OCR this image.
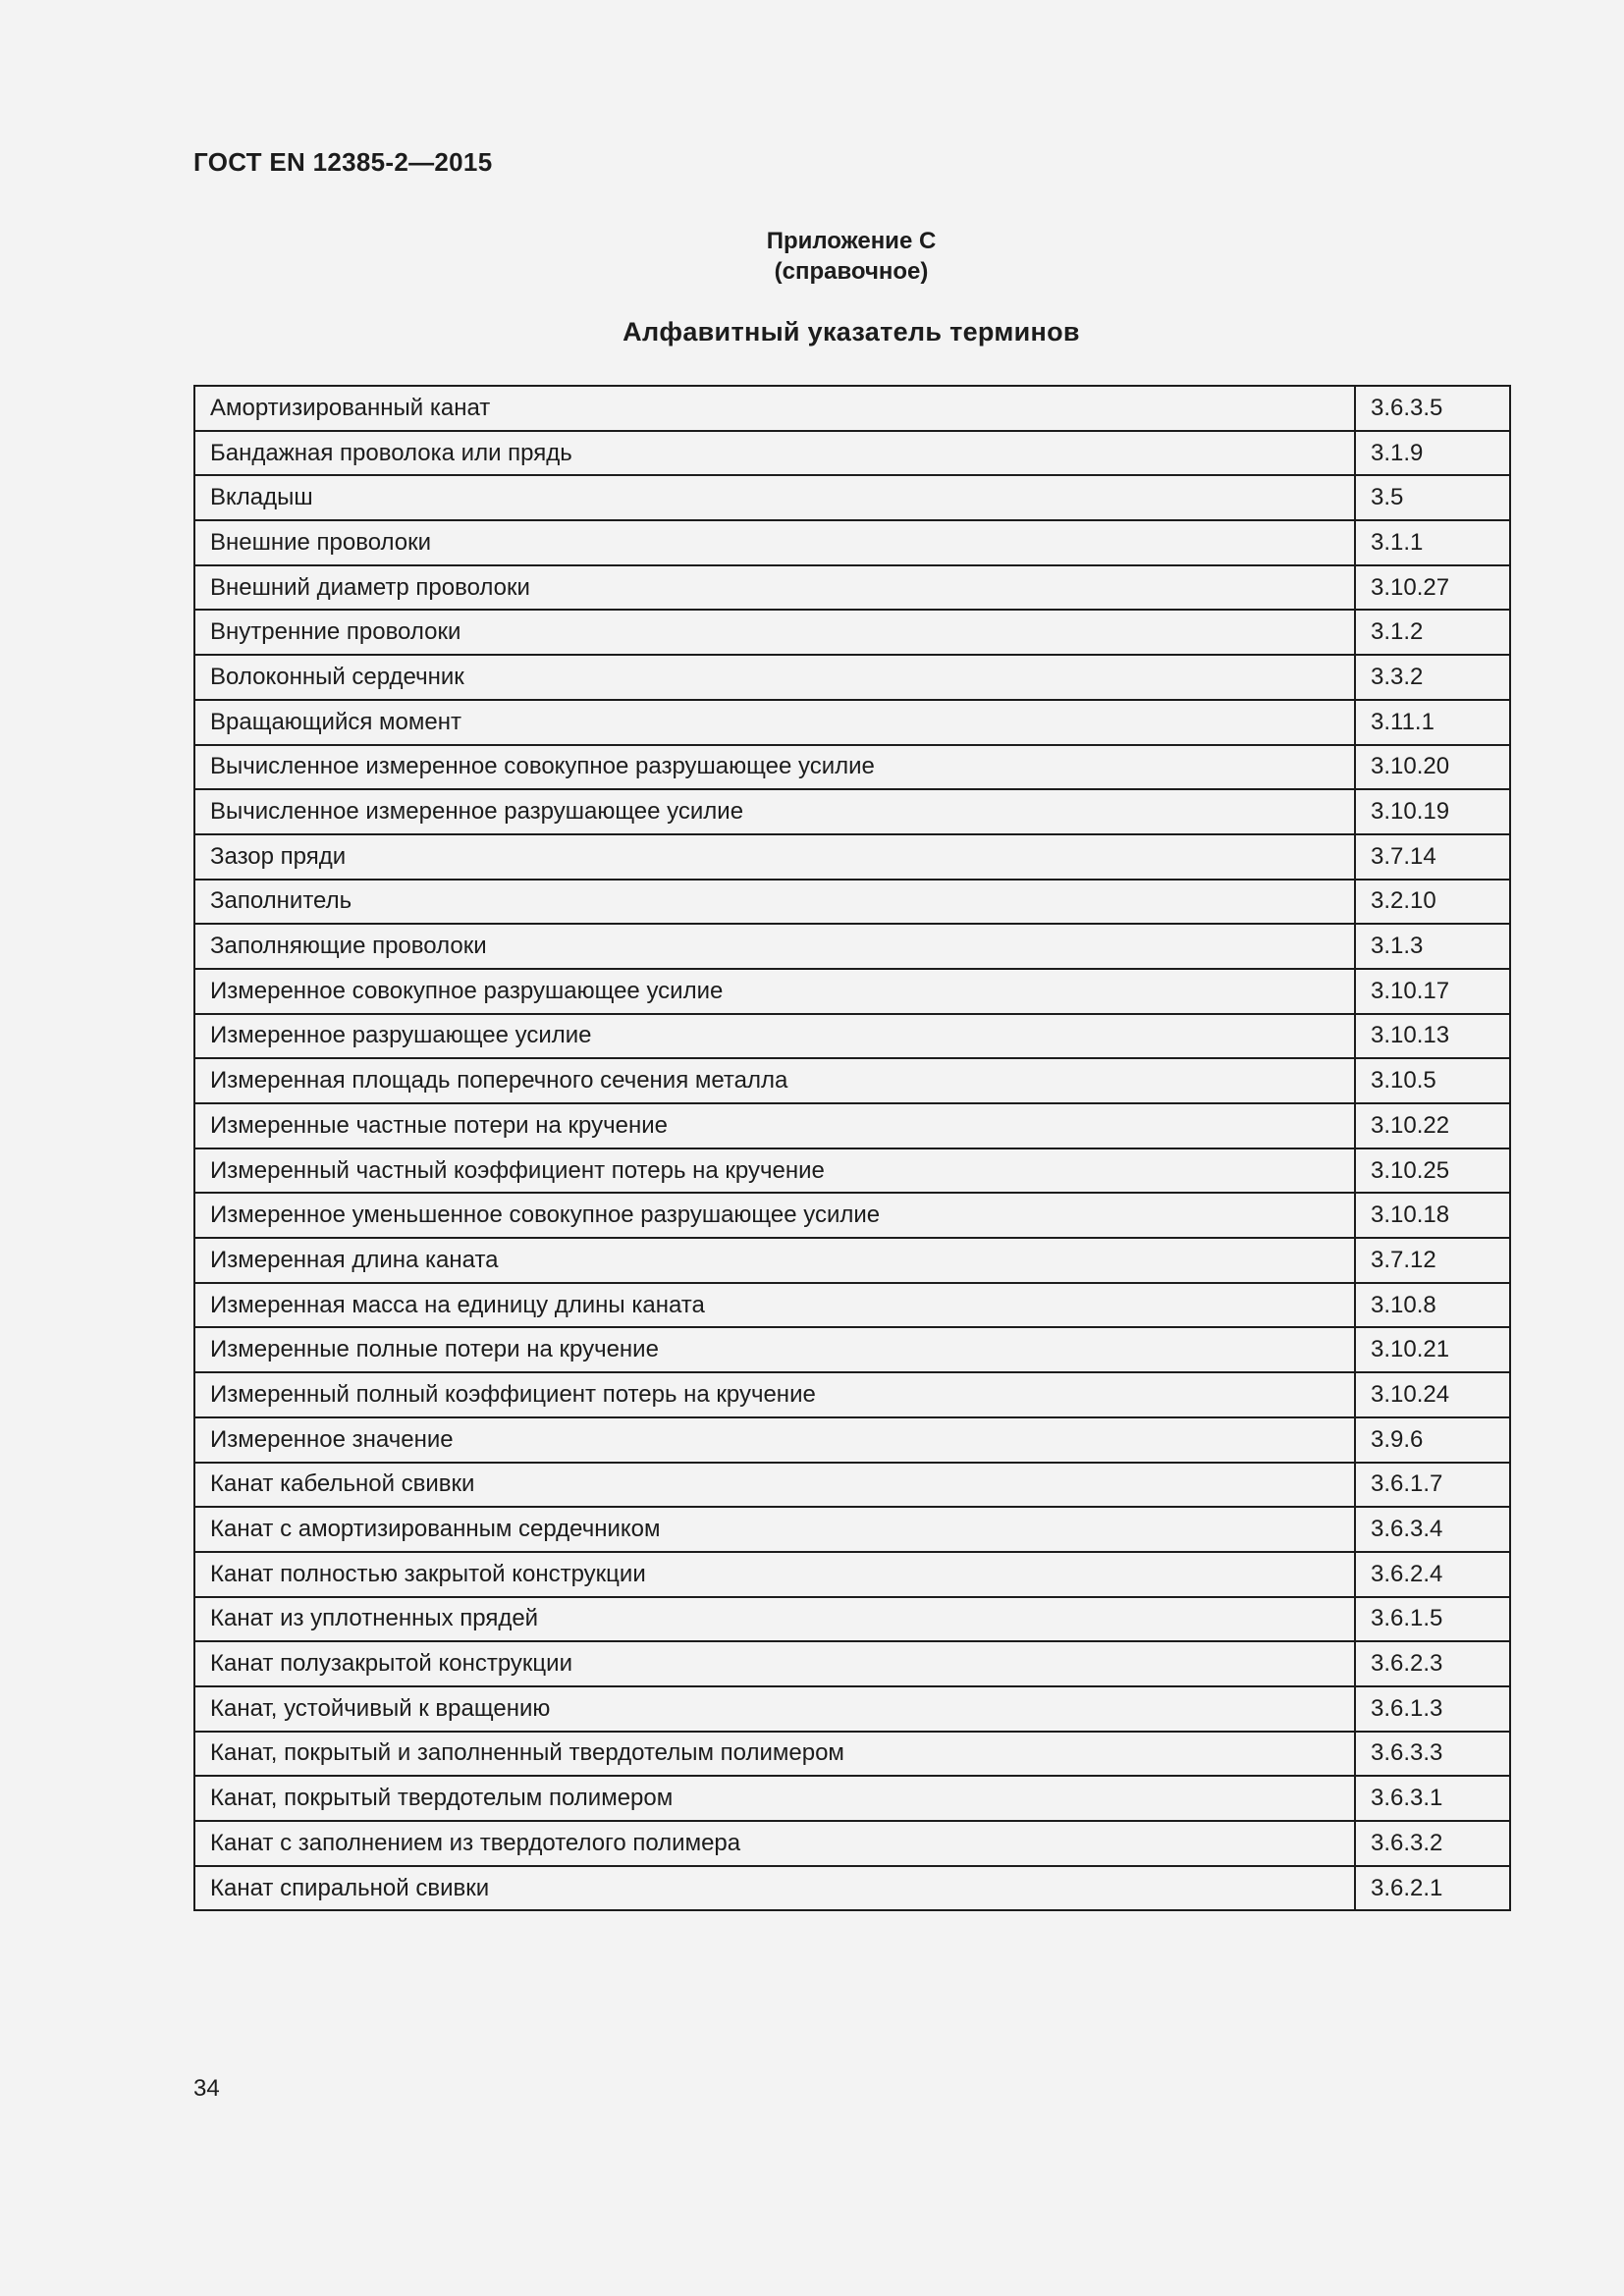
ГОСТ EN 12385-2—2015
Приложение С
(справочное)
Алфавитный указатель терминов
Амортизированный канат	3.6.3.5
Бандажная проволока или прядь	3.1.9
Вкладыш	3.5
Внешние проволоки	3.1.1
Внешний диаметр проволоки	3.10.27
Внутренние проволоки	3.1.2
Волоконный сердечник	3.3.2
Вращающийся момент	3.11.1
Вычисленное измеренное совокупное разрушающее усилие	3.10.20
Вычисленное измеренное разрушающее усилие	3.10.19
Зазор пряди	3.7.14
Заполнитель	3.2.10
Заполняющие проволоки	3.1.3
Измеренное совокупное разрушающее усилие	3.10.17
Измеренное разрушающее усилие	3.10.13
Измеренная площадь поперечного сечения металла	3.10.5
Измеренные частные потери на кручение	3.10.22
Измеренный частный коэффициент потерь на кручение	3.10.25
Измеренное уменьшенное совокупное разрушающее усилие	3.10.18
Измеренная длина каната	3.7.12
Измеренная масса на единицу длины каната	3.10.8
Измеренные полные потери на кручение	3.10.21
Измеренный полный коэффициент потерь на кручение	3.10.24
Измеренное значение	3.9.6
Канат кабельной свивки	3.6.1.7
Канат с амортизированным сердечником	3.6.3.4
Канат полностью закрытой конструкции	3.6.2.4
Канат из уплотненных прядей	3.6.1.5
Канат полузакрытой конструкции	3.6.2.3
Канат, устойчивый к вращению	3.6.1.3
Канат, покрытый и заполненный твердотелым полимером	3.6.3.3
Канат, покрытый твердотелым полимером	3.6.3.1
Канат с заполнением из твердотелого полимера	3.6.3.2
Канат спиральной свивки	3.6.2.1
34
